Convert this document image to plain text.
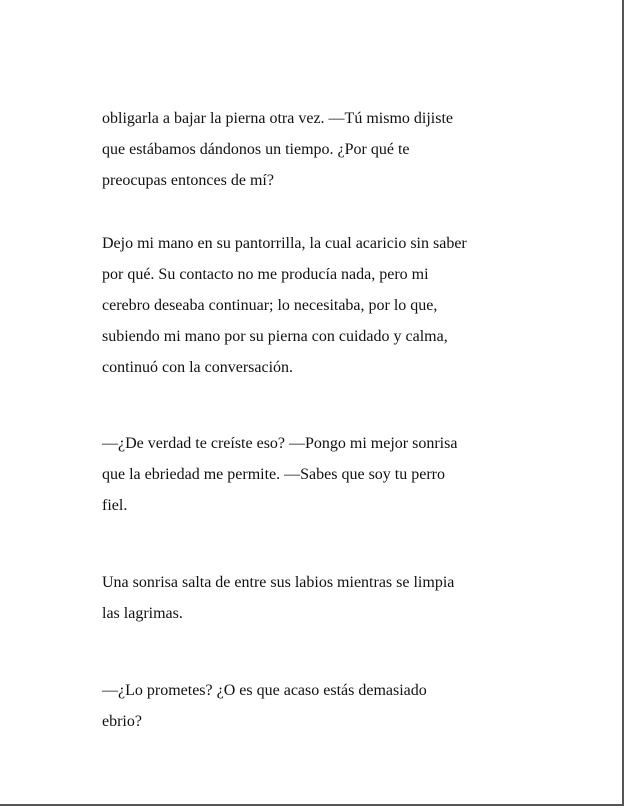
obligarla a bajar la pierna otra vez. —Tú mismo dijiste
que estábamos dándonos un tiempo. ¿Por qué te
preocupas entonces de mí?

Dejo mi mano en su pantorrilla, la cual acaricio sin saber
por qué. Su contacto no me producía nada, pero mi
cerebro deseaba continuar; lo necesitaba, por lo que,
subiendo mi mano por su pierna con cuidado y calma,
continuó con la conversación.

—¿De verdad te creíste eso? —Pongo mi mejor sonrisa
que la ebriedad me permite. —Sabes que soy tu perro
fiel.

Una sonrisa salta de entre sus labios mientras se limpia
las lagrimas.

—¿Lo prometes? ¿O es que acaso estás demasiado
ebrio?
